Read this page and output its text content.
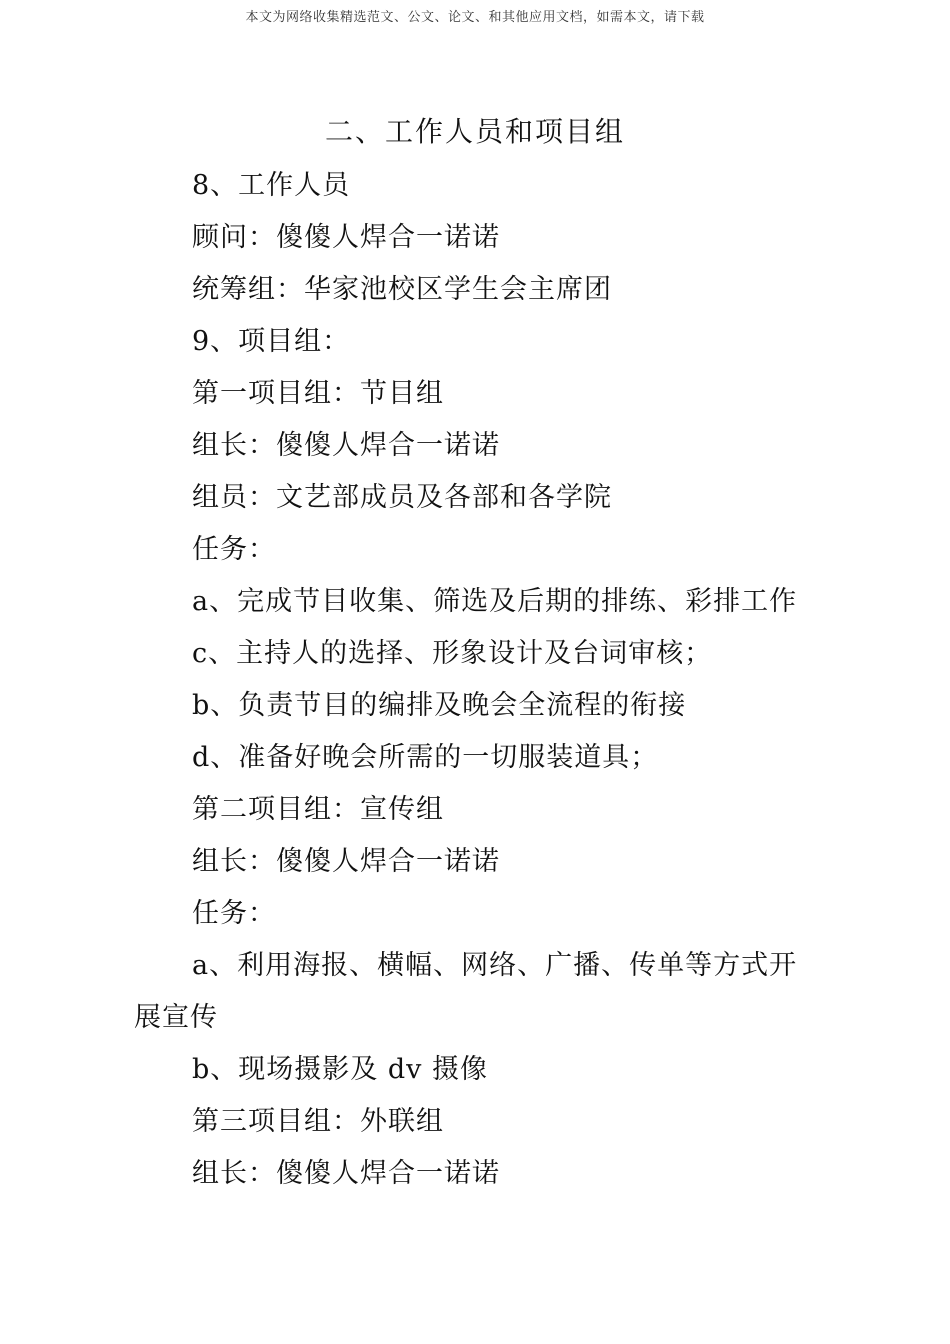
本文为网络收集精选范文、公文、论文、和其他应用文档，如需本文，请下载
二、工作人员和项目组
8、工作人员
顾问：傻傻人焊合一诺诺
统筹组：华家池校区学生会主席团
9、项目组：
第一项目组：节目组
组长：傻傻人焊合一诺诺
组员：文艺部成员及各部和各学院
任务：
a、完成节目收集、筛选及后期的排练、彩排工作
c、主持人的选择、形象设计及台词审核；
b、负责节目的编排及晚会全流程的衔接
d、准备好晚会所需的一切服装道具；
第二项目组：宣传组
组长：傻傻人焊合一诺诺
任务：
a、利用海报、横幅、网络、广播、传单等方式开展宣传
b、现场摄影及 dv 摄像
第三项目组：外联组
组长：傻傻人焊合一诺诺
